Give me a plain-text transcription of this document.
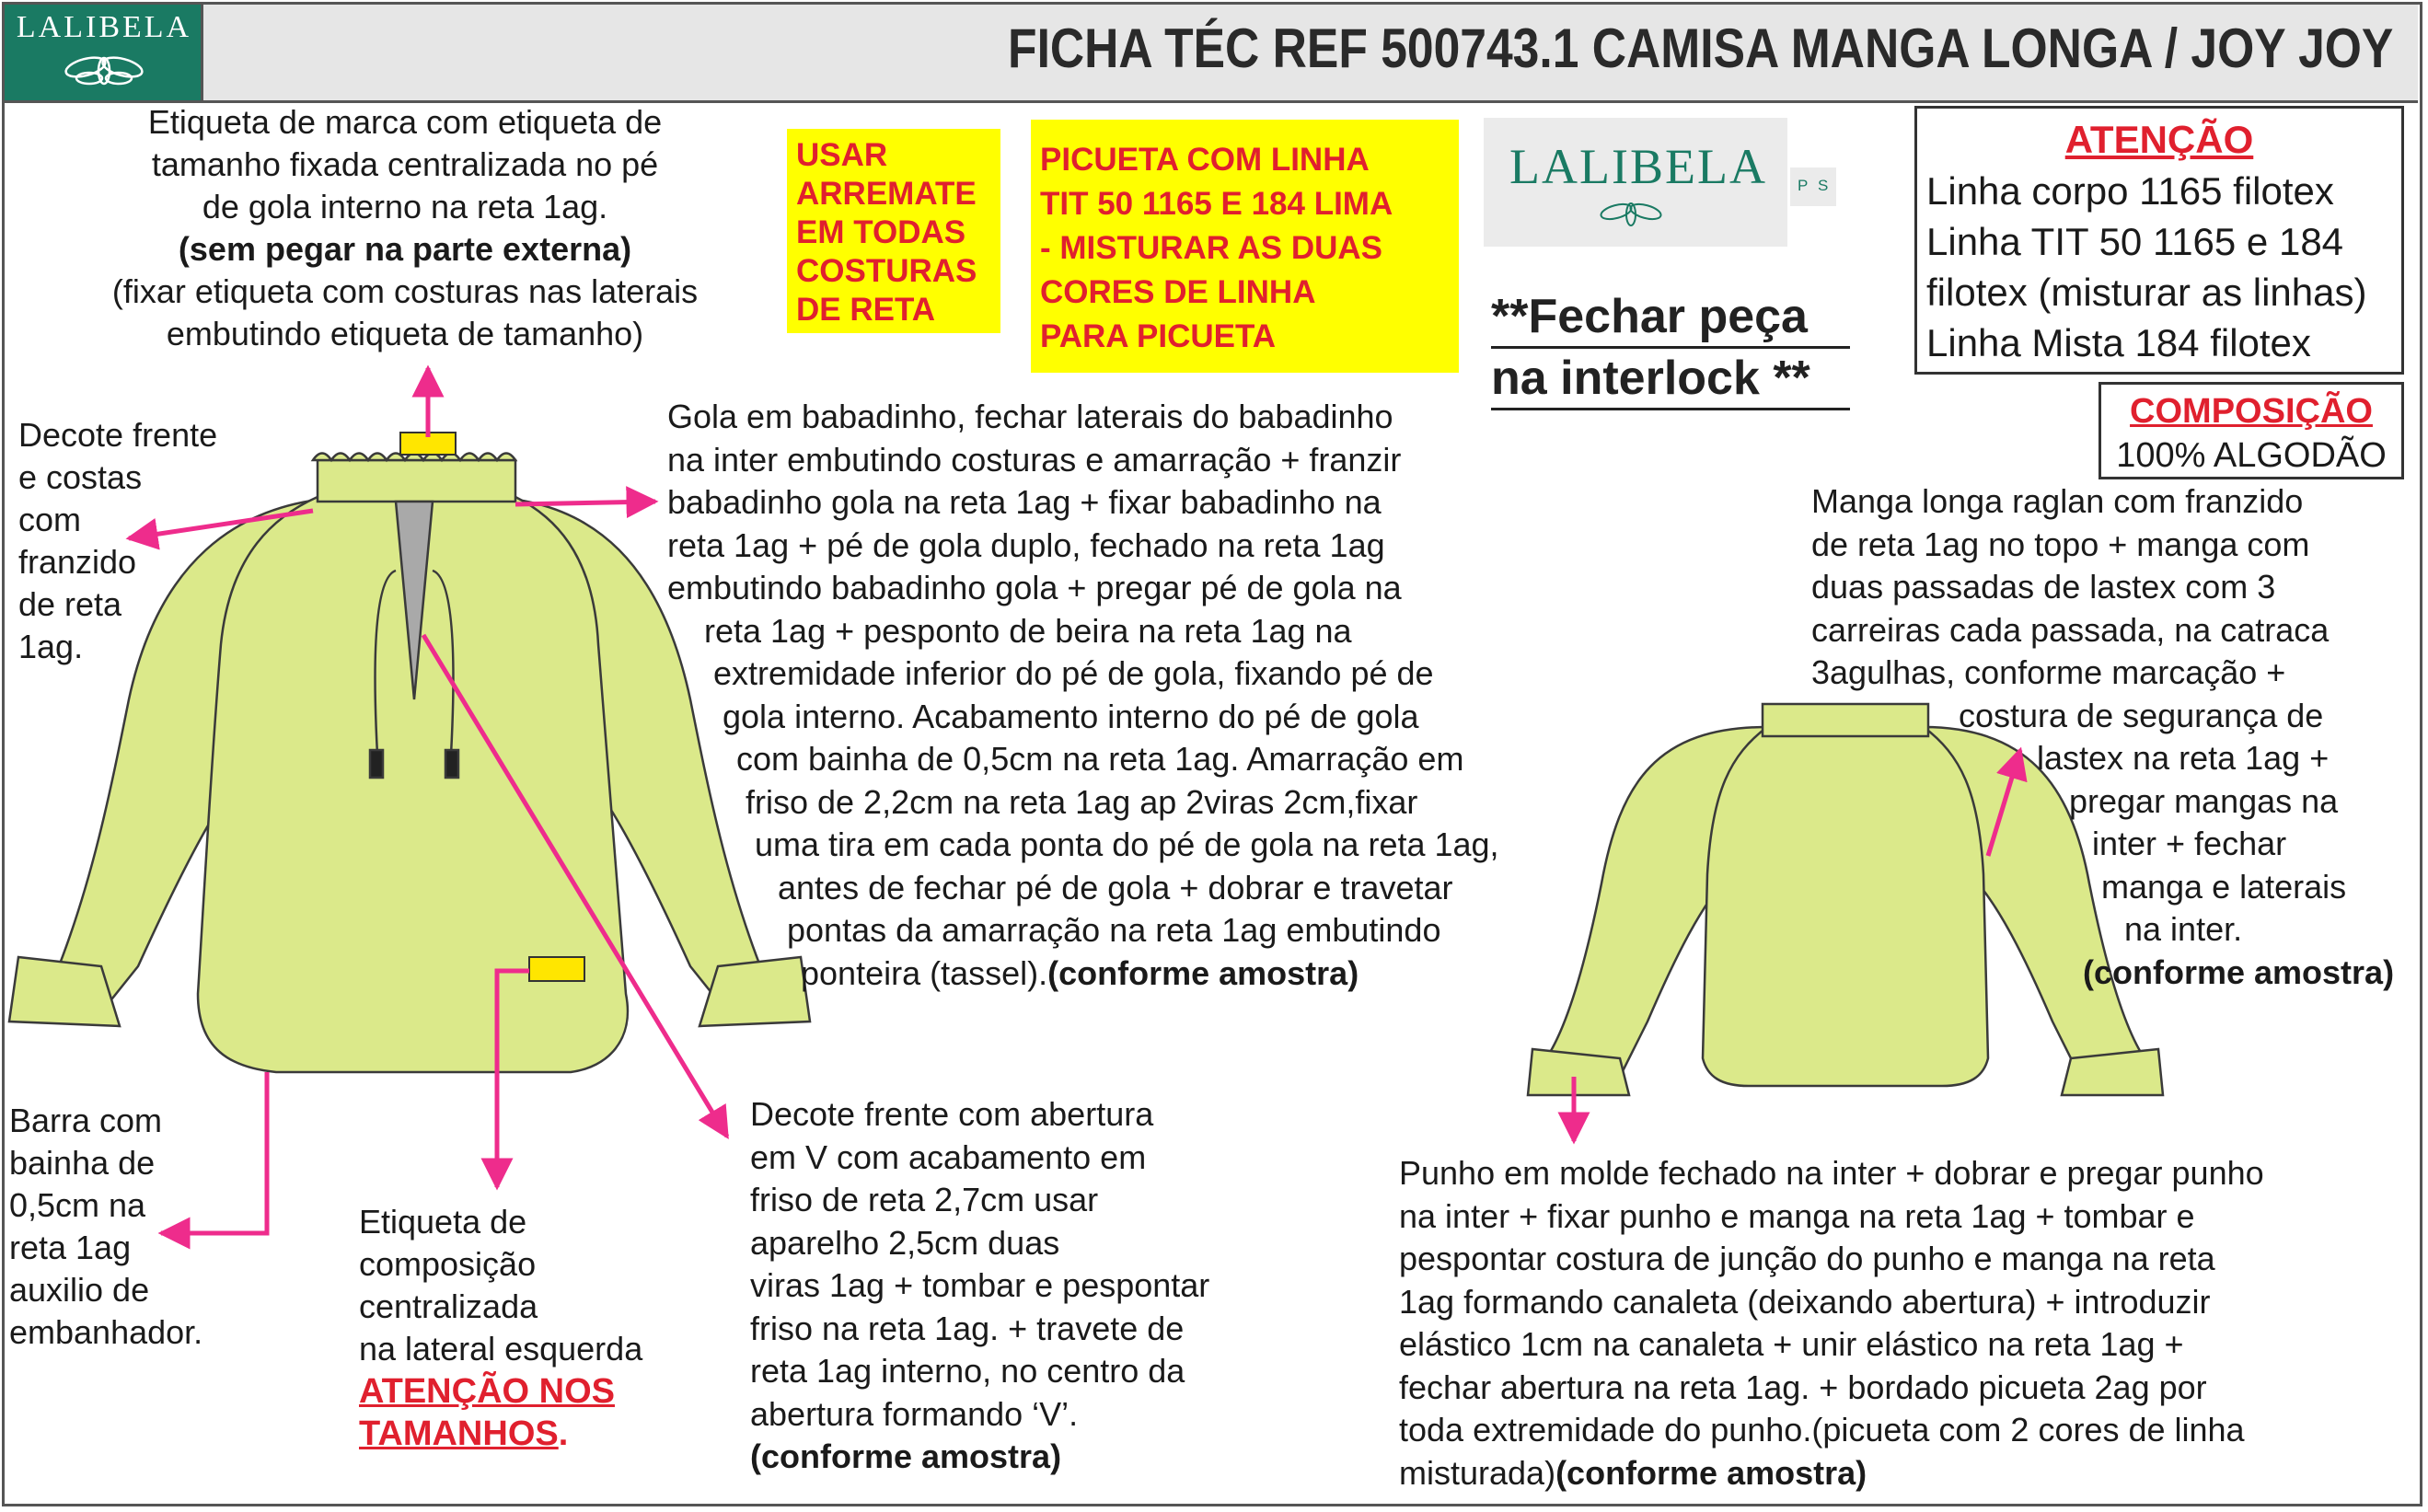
LALIBELA	FICHA TÉC REF 500743.1 CAMISA MANGA LONGA / JOY JOY
USAR
ARREMATE
EM TODAS
COSTURAS
DE RETA
PICUETA COM LINHA
TIT 50 1165 E 184 LIMA
- MISTURAR AS DUAS
CORES DE LINHA
PARA PICUETA
LALIBELA P S
**Fechar peça
na interlock **
ATENÇÃO
Linha corpo 1165 filotex
Linha TIT 50 1165 e 184
filotex (misturar as linhas)
Linha Mista 184 filotex
COMPOSIÇÃO
100% ALGODÃO
Etiqueta de marca com etiqueta de
tamanho fixada centralizada no pé
de gola interno na reta 1ag.
(sem pegar na parte externa)
(fixar etiqueta com costuras nas laterais
embutindo etiqueta de tamanho)
Decote frente
e costas
com
franzido
de reta
1ag.
Gola em babadinho, fechar laterais do babadinho
na inter embutindo costuras e amarração + franzir
babadinho gola na reta 1ag + fixar babadinho na
reta 1ag + pé de gola duplo, fechado na reta 1ag
embutindo babadinho gola + pregar pé de gola na
reta 1ag + pesponto de beira na reta 1ag na
extremidade inferior do pé de gola, fixando pé de
gola interno. Acabamento interno do pé de gola
com bainha de 0,5cm na reta 1ag. Amarração em
friso de 2,2cm na reta 1ag ap 2viras 2cm,fixar
uma tira em cada ponta do pé de gola na reta 1ag,
antes de fechar pé de gola + dobrar e travetar
pontas da amarração na reta 1ag embutindo
ponteira (tassel).(conforme amostra)
Manga longa raglan com franzido
de reta 1ag no topo + manga com
duas passadas de lastex com 3
carreiras cada passada, na catraca
3agulhas, conforme marcação +
costura de segurança de
lastex na reta 1ag +
pregar mangas na
inter + fechar
manga e laterais
na inter.
(conforme amostra)
Barra com
bainha de
0,5cm na
reta 1ag
auxilio de
embanhador.
Etiqueta de
composição
centralizada
na lateral esquerda
ATENÇÃO NOS
TAMANHOS.
Decote frente com abertura
em V com acabamento em
friso de reta 2,7cm usar
aparelho 2,5cm duas
viras 1ag + tombar e pespontar
friso na reta 1ag. + travete de
reta 1ag interno, no centro da
abertura formando ‘V’.
(conforme amostra)
Punho em molde fechado na inter + dobrar e pregar punho
na inter + fixar punho e manga na reta 1ag + tombar e
pespontar costura de junção do punho e manga na reta
1ag formando canaleta (deixando abertura) + introduzir
elástico 1cm na canaleta + unir elástico na reta 1ag +
fechar abertura na reta 1ag. + bordado picueta 2ag por
toda extremidade do punho.(picueta com 2 cores de linha
misturada)(conforme amostra)
